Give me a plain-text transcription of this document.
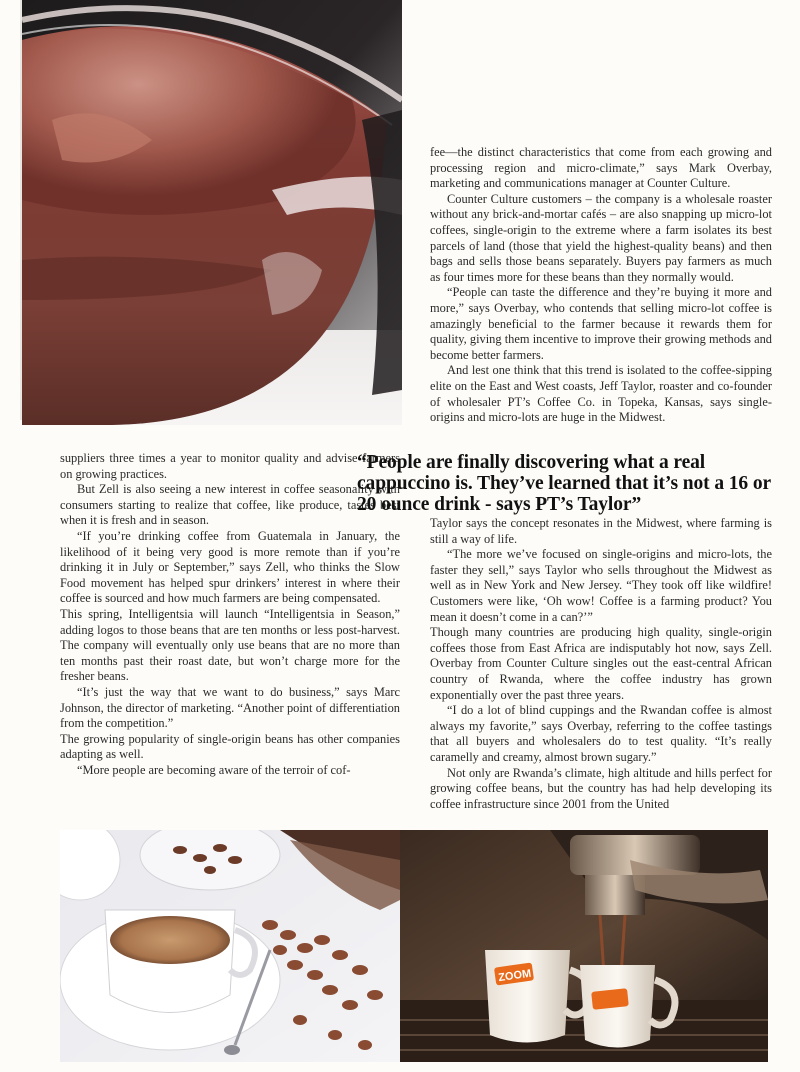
fee—the distinct characteristics that come from each growing and processing region and micro-climate,” says Mark Overbay, marketing and communications manager at Counter Culture.

Counter Culture customers – the company is a wholesale roaster without any brick-and-mortar cafés – are also snapping up micro-lot coffees, single-origin to the extreme where a farm isolates its best parcels of land (those that yield the highest-quality beans) and then bags and sells those beans separately. Buyers pay farmers as much as four times more for these beans than they normally would.

“People can taste the difference and they’re buying it more and more,” says Overbay, who contends that selling micro-lot coffee is amazingly beneficial to the farmer because it rewards them for quality, giving them incentive to improve their growing methods and become better farmers.

And lest one think that this trend is isolated to the coffee-sipping elite on the East and West coasts, Jeff Taylor, roaster and co-founder of wholesaler PT’s Coffee Co. in Topeka, Kansas, says single-origins and micro-lots are huge in the Midwest.

suppliers three times a year to monitor quality and advise farmers on growing practices.

But Zell is also seeing a new interest in coffee seasonality with consumers starting to realize that coffee, like produce, tastes best when it is fresh and in season.

“If you’re drinking coffee from Guatemala in January, the likelihood of it being very good is more remote than if you’re drinking it in July or September,” says Zell, who thinks the Slow Food movement has helped spur drinkers’ interest in where their coffee is sourced and how much farmers are being compensated.

This spring, Intelligentsia will launch “Intelligentsia in Season,” adding logos to those beans that are ten months or less post-harvest. The company will eventually only use beans that are no more than ten months past their roast date, but won’t charge more for the fresher beans.

“It’s just the way that we want to do business,” says Marc Johnson, the director of marketing. “Another point of differentiation from the competition.”

The growing popularity of single-origin beans has other companies adapting as well.

“More people are becoming aware of the terroir of cof-

“People are finally discovering what a real cappuccino is. They’ve learned that it’s not a 16 or 20 ounce drink - says PT’s Taylor”

Taylor says the concept resonates in the Midwest, where farming is still a way of life.

“The more we’ve focused on single-origins and micro-lots, the faster they sell,” says Taylor who sells throughout the Midwest as well as in New York and New Jersey. “They took off like wildfire! Customers were like, ‘Oh wow! Coffee is a farming product? You mean it doesn’t come in a can?’”

Though many countries are producing high quality, single-origin coffees those from East Africa are indisputably hot now, says Zell. Overbay from Counter Culture singles out the east-central African country of Rwanda, where the coffee industry has grown exponentially over the past three years.

“I do a lot of blind cuppings and the Rwandan coffee is almost always my favorite,” says Overbay, referring to the coffee tastings that all buyers and wholesalers do to test quality. “It’s really caramelly and creamy, almost brown sugary.”

Not only are Rwanda’s climate, high altitude and hills perfect for growing coffee beans, but the country has had help developing its coffee infrastructure since 2001 from the United

ZOOM
